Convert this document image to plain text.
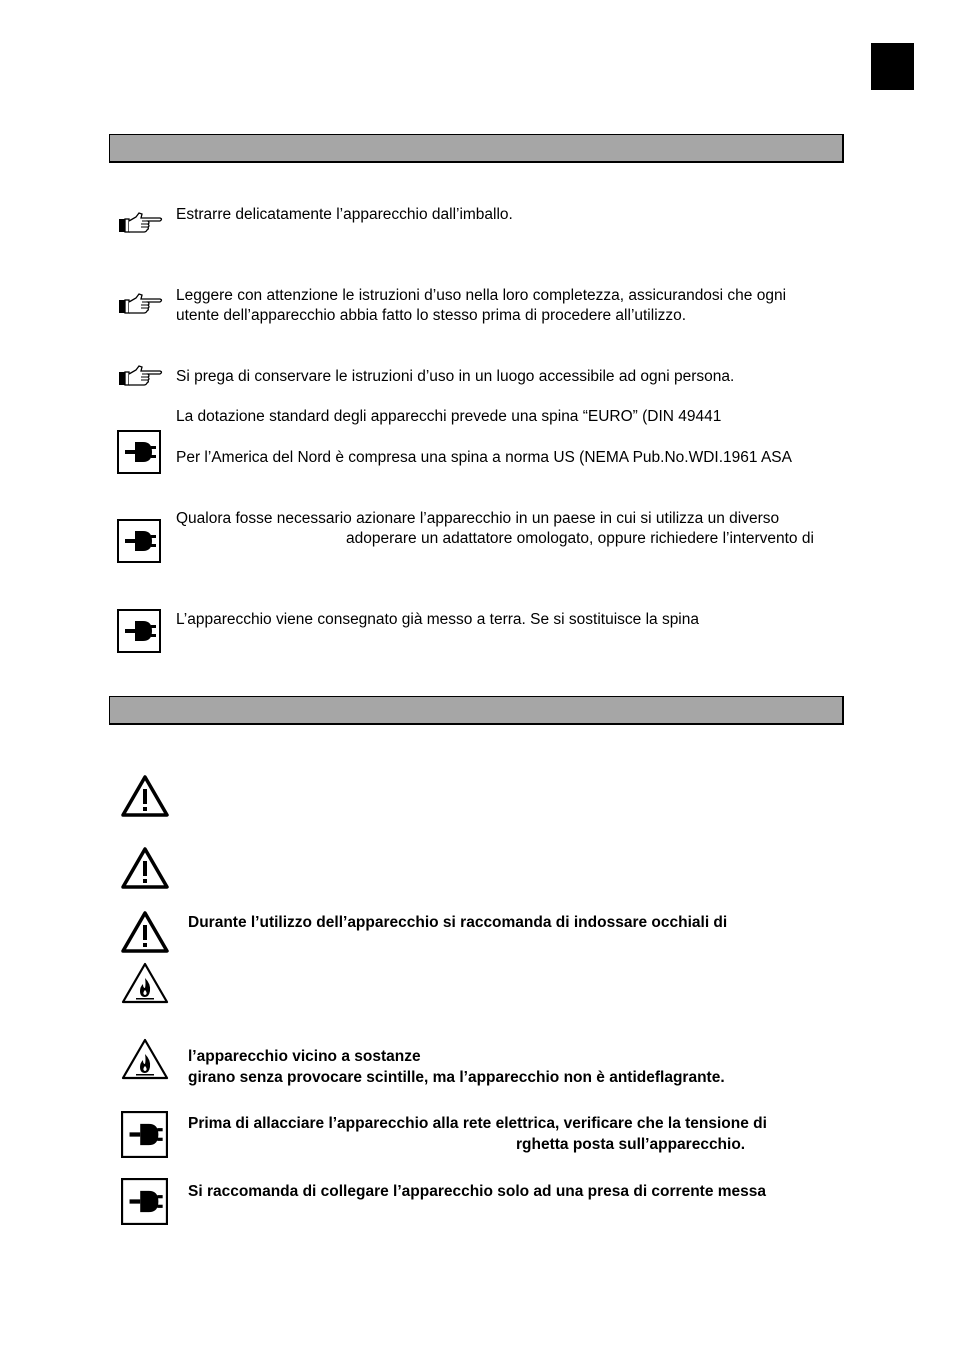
Estrarre delicatamente l’apparecchio dall’imballo.
Leggere con attenzione le istruzioni d’uso nella loro completezza, assicurandosi che ogni
utente dell’apparecchio abbia fatto lo stesso prima di procedere all’utilizzo.
Si prega di conservare le istruzioni d’uso in un luogo accessibile ad ogni persona.
La dotazione standard degli apparecchi prevede una spina “EURO” (DIN 49441
Per l’America del Nord è compresa una spina a norma US (NEMA Pub.No.WDI.1961 ASA
Qualora fosse necessario azionare l’apparecchio in un paese in cui si utilizza un diverso
adoperare un adattatore omologato, oppure richiedere l’intervento di
L’apparecchio viene consegnato già messo a terra. Se si sostituisce la spina
Durante l’utilizzo dell’apparecchio si raccomanda di indossare occhiali di
l’apparecchio vicino a sostanze
girano senza provocare scintille, ma l’apparecchio non è antideflagrante.
Prima di allacciare l’apparecchio alla rete elettrica, verificare che la tensione di
rghetta posta sull’apparecchio.
Si raccomanda di collegare l’apparecchio solo ad una presa di corrente messa
